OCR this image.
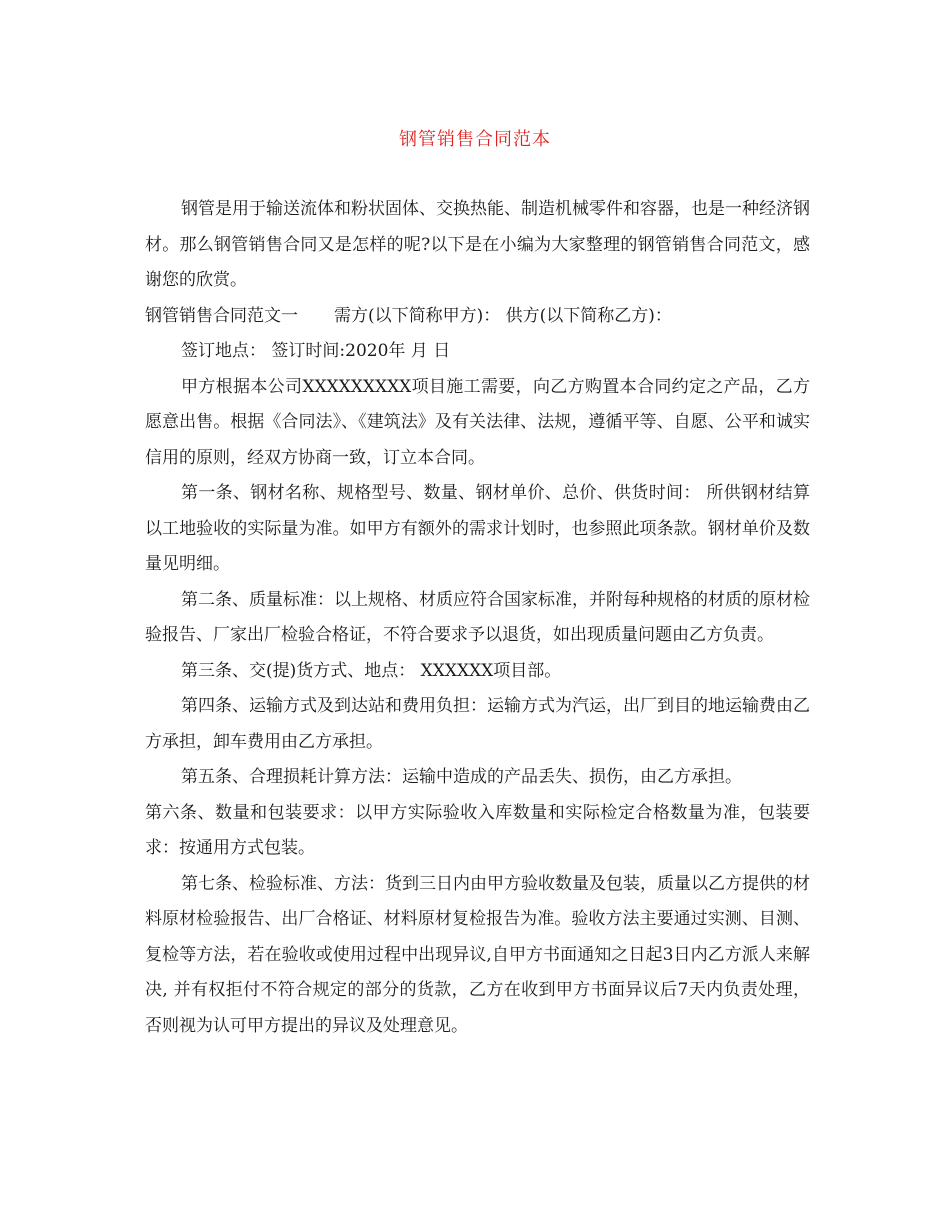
钢管销售合同范本

钢管是用于输送流体和粉状固体、交换热能、制造机械零件和容器，也是一种经济钢材。那么钢管销售合同又是怎样的呢?以下是在小编为大家整理的钢管销售合同范文，感谢您的欣赏。

钢管销售合同范文一 需方(以下简称甲方)： 供方(以下简称乙方)：

签订地点： 签订时间:2020年 月 日

甲方根据本公司XXXXXXXXX项目施工需要，向乙方购置本合同约定之产品，乙方愿意出售。根据《合同法》、《建筑法》及有关法律、法规，遵循平等、自愿、公平和诚实信用的原则，经双方协商一致，订立本合同。

第一条、钢材名称、规格型号、数量、钢材单价、总价、供货时间： 所供钢材结算以工地验收的实际量为准。如甲方有额外的需求计划时，也参照此项条款。钢材单价及数量见明细。

第二条、质量标准：以上规格、材质应符合国家标准，并附每种规格的材质的原材检验报告、厂家出厂检验合格证，不符合要求予以退货，如出现质量问题由乙方负责。

第三条、交(提)货方式、地点： XXXXXX项目部。

第四条、运输方式及到达站和费用负担：运输方式为汽运，出厂到目的地运输费由乙方承担，卸车费用由乙方承担。

第五条、合理损耗计算方法：运输中造成的产品丢失、损伤，由乙方承担。

第六条、数量和包装要求：以甲方实际验收入库数量和实际检定合格数量为准，包装要求：按通用方式包装。

第七条、检验标准、方法：货到三日内由甲方验收数量及包装，质量以乙方提供的材料原材检验报告、出厂合格证、材料原材复检报告为准。验收方法主要通过实测、目测、复检等方法，若在验收或使用过程中出现异议,自甲方书面通知之日起3日内乙方派人来解决, 并有权拒付不符合规定的部分的货款，乙方在收到甲方书面异议后7天内负责处理，否则视为认可甲方提出的异议及处理意见。
